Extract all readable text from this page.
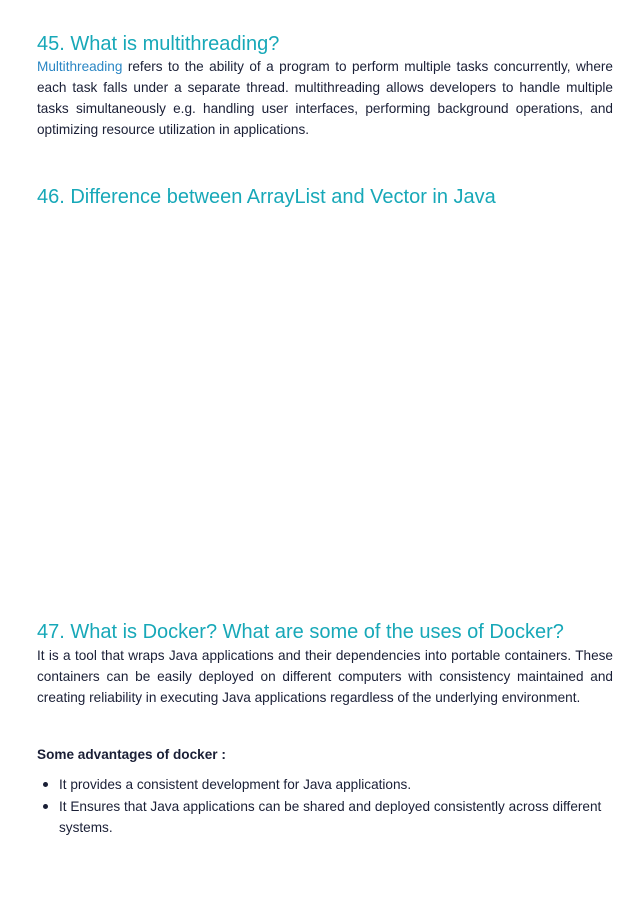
45. What is multithreading?

Multithreading refers to the ability of a program to perform multiple tasks concurrently, where each task falls under a separate thread. multithreading allows developers to handle multiple tasks simultaneously e.g. handling user interfaces, performing background operations, and optimizing resource utilization in applications.

46. Difference between ArrayList and Vector in Java
47. What is Docker? What are some of the uses of Docker?

It is a tool that wraps Java applications and their dependencies into portable containers. These containers can be easily deployed on different computers with consistency maintained and creating reliability in executing Java applications regardless of the underlying environment.

Some advantages of docker :

It provides a consistent development for Java applications.
It Ensures that Java applications can be shared and deployed consistently across different systems.
